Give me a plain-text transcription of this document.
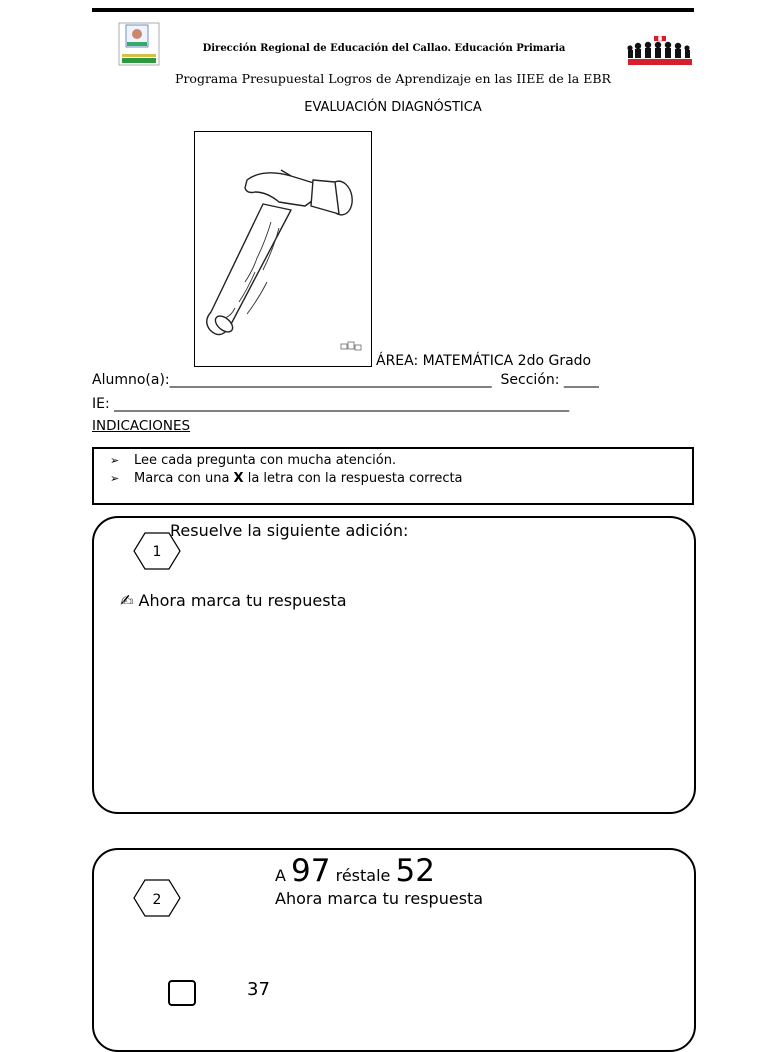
Dirección Regional de Educación del Callao. Educación Primaria
Programa Presupuestal Logros de Aprendizaje en las IIEE de la EBR
EVALUACIÓN DIAGNÓSTICA
ÁREA: MATEMÁTICA 2do Grado
Alumno(a):______________________________________________  Sección: _____
IE: _________________________________________________________________
INDICACIONES
➢ Lee cada pregunta con mucha atención.
➢ Marca con una X la letra con la respuesta correcta
1
Resuelve la siguiente adición:
✍ Ahora marca tu respuesta
2
A 97 réstale 52
Ahora marca tu respuesta
37
